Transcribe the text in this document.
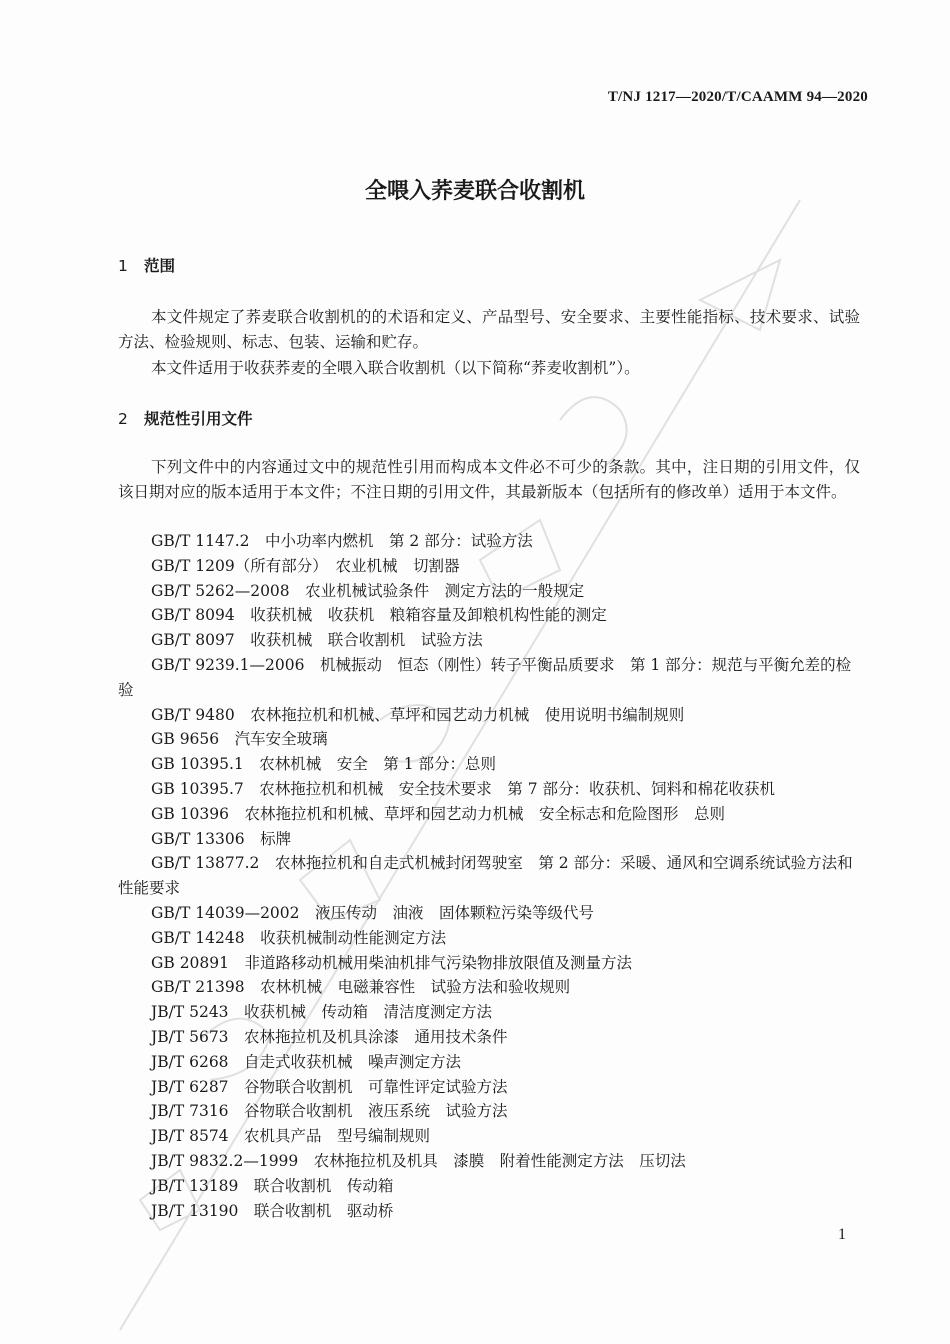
T/NJ 1217—2020/T/CAAMM 94—2020
全喂入荞麦联合收割机
1 范围
本文件规定了荞麦联合收割机的的术语和定义、产品型号、安全要求、主要性能指标、技术要求、试验方法、检验规则、标志、包装、运输和贮存。
本文件适用于收获荞麦的全喂入联合收割机（以下简称“荞麦收割机”）。
2 规范性引用文件
下列文件中的内容通过文中的规范性引用而构成本文件必不可少的条款。其中，注日期的引用文件，仅该日期对应的版本适用于本文件；不注日期的引用文件，其最新版本（包括所有的修改单）适用于本文件。
GB/T 1147.2　中小功率内燃机　第 2 部分：试验方法
GB/T 1209（所有部分）　农业机械　切割器
GB/T 5262—2008　农业机械试验条件　测定方法的一般规定
GB/T 8094　收获机械　收获机　粮箱容量及卸粮机构性能的测定
GB/T 8097　收获机械　联合收割机　试验方法
GB/T 9239.1—2006　机械振动　恒态（刚性）转子平衡品质要求　第 1 部分：规范与平衡允差的检验
GB/T 9480　农林拖拉机和机械、草坪和园艺动力机械　使用说明书编制规则
GB 9656　汽车安全玻璃
GB 10395.1　农林机械　安全　第 1 部分：总则
GB 10395.7　农林拖拉机和机械　安全技术要求　第 7 部分：收获机、饲料和棉花收获机
GB 10396　农林拖拉机和机械、草坪和园艺动力机械　安全标志和危险图形　总则
GB/T 13306　标牌
GB/T 13877.2　农林拖拉机和自走式机械封闭驾驶室　第 2 部分：采暖、通风和空调系统试验方法和性能要求
GB/T 14039—2002　液压传动　油液　固体颗粒污染等级代号
GB/T 14248　收获机械制动性能测定方法
GB 20891　非道路移动机械用柴油机排气污染物排放限值及测量方法
GB/T 21398　农林机械　电磁兼容性　试验方法和验收规则
JB/T 5243　收获机械　传动箱　清洁度测定方法
JB/T 5673　农林拖拉机及机具涂漆　通用技术条件
JB/T 6268　自走式收获机械　噪声测定方法
JB/T 6287　谷物联合收割机　可靠性评定试验方法
JB/T 7316　谷物联合收割机　液压系统　试验方法
JB/T 8574　农机具产品　型号编制规则
JB/T 9832.2—1999　农林拖拉机及机具　漆膜　附着性能测定方法　压切法
JB/T 13189　联合收割机　传动箱
JB/T 13190　联合收割机　驱动桥
1
